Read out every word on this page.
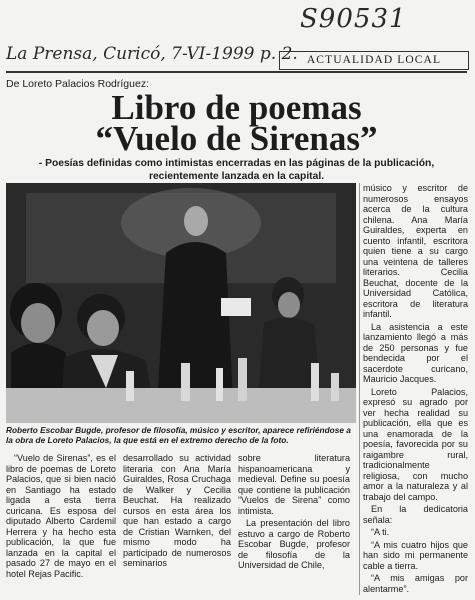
S90531
La Prensa, Curicó, 7-VI-1999 p. 2. ACTUALIDAD LOCAL
De Loreto Palacios Rodríguez:
Libro de poemas
“Vuelo de Sirenas”
- Poesías definidas como intimistas encerradas en las páginas de la publicación, recientemente lanzada en la capital.
Roberto Escobar Bugde, profesor de filosofía, músico y escritor, aparece refiriéndose a la obra de Loreto Palacios, la que está en el extremo derecho de la foto.

“Vuelo de Sirenas”, es el libro de poemas de Loreto Palacios, que si bien nació en Santiago ha estado ligada a esta tierra curicana. Es esposa del diputado Alberto Cardemil Herrera y ha hecho esta publicación, la que fue lanzada en la capital el pasado 27 de mayo en el hotel Rejas Pacific.

desarrollado su actividad literaria con Ana María Guiraldes, Rosa Cruchaga de Walker y Cecilia Beuchat. Ha realizado cursos en esta área los que han estado a cargo de Cristian Warnken, del mismo modo ha participado de numerosos seminarios

sobre literatura hispanoamericana y medieval. Define su poesía que contiene la publicación “Vuelos de Sirena” como intimista.

La presentación del libro estuvo a cargo de Roberto Escobar Bugde, profesor de filosofía de la Universidad de Chile,

músico y escritor de numerosos ensayos acerca de la cultura chilena. Ana María Guiraldes, experta en cuento infantil, escritora quien tiene a su cargo una veintena de talleres literarios. Cecilia Beuchat, docente de la Universidad Católica, escritora de literatura infantil.

La asistencia a este lanzamiento llegó a más de 250 personas y fue bendecida por el sacerdote curicano, Mauricio Jacques.

Loreto Palacios, expresó su agrado por ver hecha realidad su publicación, ella que es una enamorada de la poesía, favorecida por su raigambre rural, tradicionalmente religiosa, con mucho amor a la naturaleza y al trabajo del campo.

En la dedicatoria señala:

“A ti.

“A mis cuatro hijos que han sido mi permanente cable a tierra.

“A mis amigas por alentarme”.
